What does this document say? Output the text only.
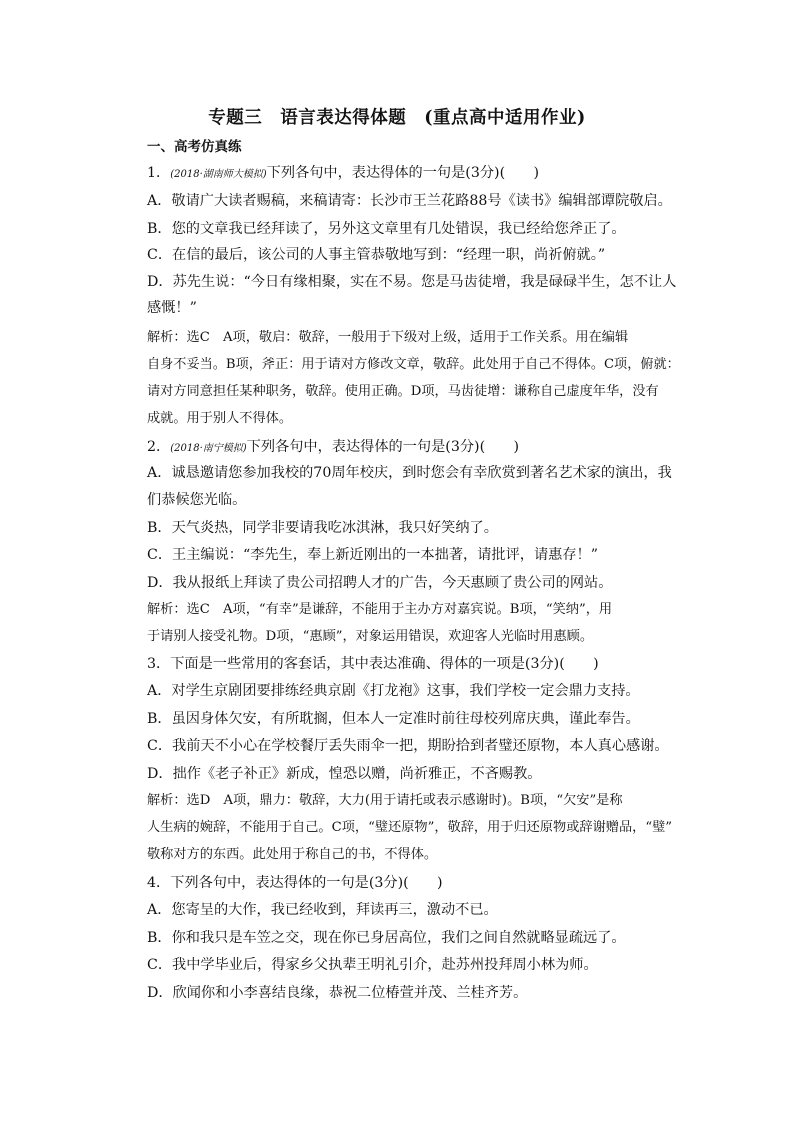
专题三　语言表达得体题　(重点高中适用作业)
一、高考仿真练
1．(2018·湖南师大模拟)下列各句中，表达得体的一句是(3分)(　　)
A．敬请广大读者赐稿，来稿请寄：长沙市王兰花路88号《读书》编辑部谭院敬启。
B．您的文章我已经拜读了，另外这文章里有几处错误，我已经给您斧正了。
C．在信的最后，该公司的人事主管恭敬地写到：“经理一职，尚祈俯就。”
D．苏先生说：“今日有缘相聚，实在不易。您是马齿徒增，我是碌碌半生，怎不让人
感慨！”
解析：选C　A项，敬启：敬辞，一般用于下级对上级，适用于工作关系。用在编辑
自身不妥当。B项，斧正：用于请对方修改文章，敬辞。此处用于自己不得体。C项，俯就：
请对方同意担任某种职务，敬辞。使用正确。D项，马齿徒增：谦称自己虚度年华，没有
成就。用于别人不得体。
2．(2018·南宁模拟)下列各句中，表达得体的一句是(3分)(　　)
A．诚恳邀请您参加我校的70周年校庆，到时您会有幸欣赏到著名艺术家的演出，我
们恭候您光临。
B．天气炎热，同学非要请我吃冰淇淋，我只好笑纳了。
C．王主编说：“李先生，奉上新近刚出的一本拙著，请批评，请惠存！”
D．我从报纸上拜读了贵公司招聘人才的广告，今天惠顾了贵公司的网站。
解析：选C　A项，“有幸”是谦辞，不能用于主办方对嘉宾说。B项，“笑纳”，用
于请别人接受礼物。D项，“惠顾”，对象运用错误，欢迎客人光临时用惠顾。
3．下面是一些常用的客套话，其中表达准确、得体的一项是(3分)(　　)
A．对学生京剧团要排练经典京剧《打龙袍》这事，我们学校一定会鼎力支持。
B．虽因身体欠安，有所耽搁，但本人一定准时前往母校列席庆典，谨此奉告。
C．我前天不小心在学校餐厅丢失雨伞一把，期盼拾到者璧还原物，本人真心感谢。
D．拙作《老子补正》新成，惶恐以赠，尚祈雅正，不吝赐教。
解析：选D　A项，鼎力：敬辞，大力(用于请托或表示感谢时)。B项，“欠安”是称
人生病的婉辞，不能用于自己。C项，“璧还原物”，敬辞，用于归还原物或辞谢赠品，“璧”
敬称对方的东西。此处用于称自己的书，不得体。
4．下列各句中，表达得体的一句是(3分)(　　)
A．您寄呈的大作，我已经收到，拜读再三，激动不已。
B．你和我只是车笠之交，现在你已身居高位，我们之间自然就略显疏远了。
C．我中学毕业后，得家乡父执辈王明礼引介，赴苏州投拜周小林为师。
D．欣闻你和小李喜结良缘，恭祝二位椿萱并茂、兰桂齐芳。
